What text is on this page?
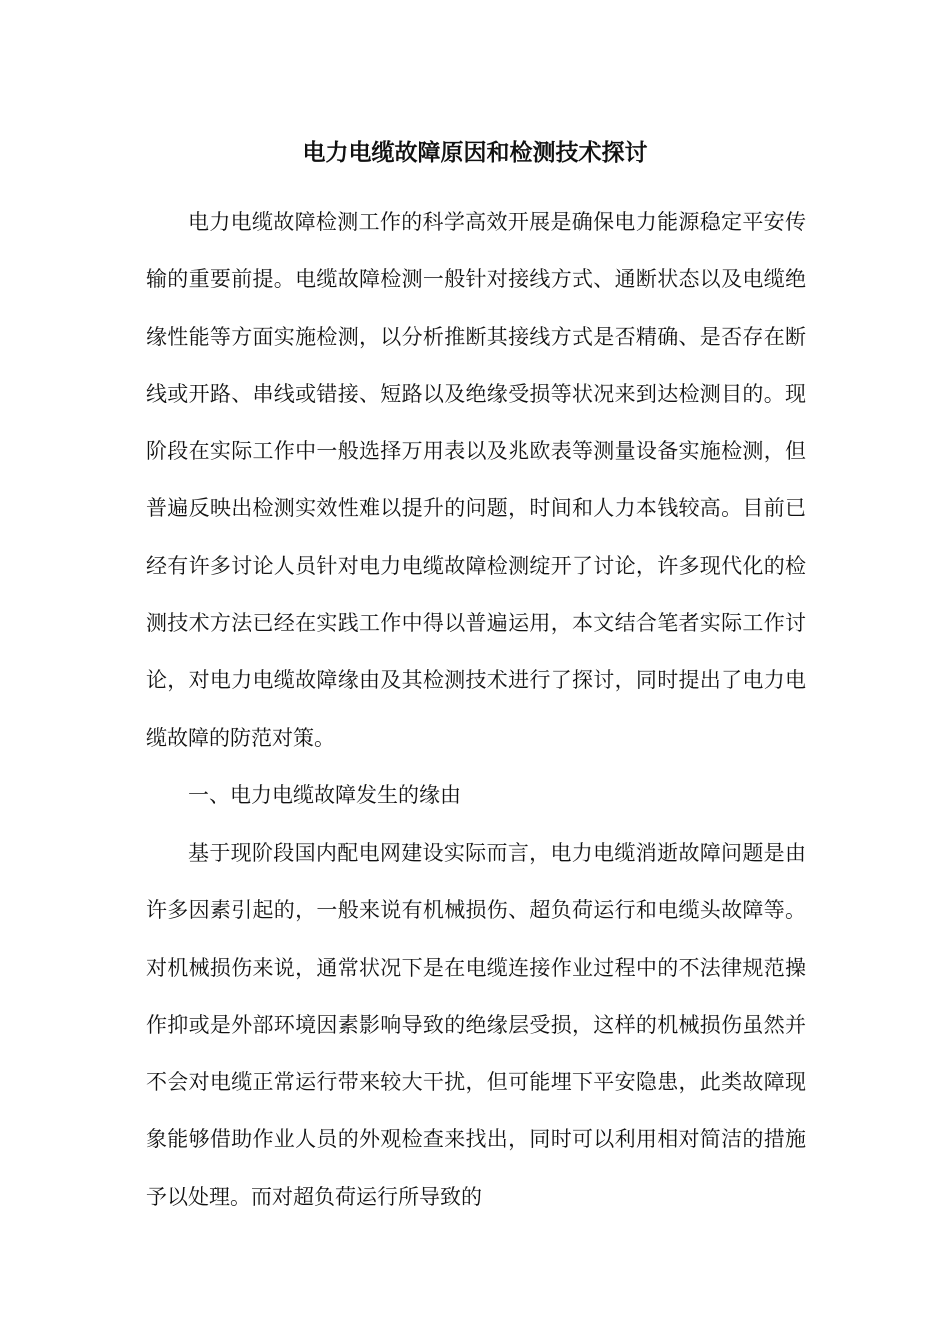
电力电缆故障原因和检测技术探讨

电力电缆故障检测工作的科学高效开展是确保电力能源稳定平安传输的重要前提。电缆故障检测一般针对接线方式、通断状态以及电缆绝缘性能等方面实施检测，以分析推断其接线方式是否精确、是否存在断线或开路、串线或错接、短路以及绝缘受损等状况来到达检测目的。现阶段在实际工作中一般选择万用表以及兆欧表等测量设备实施检测，但普遍反映出检测实效性难以提升的问题，时间和人力本钱较高。目前已经有许多讨论人员针对电力电缆故障检测绽开了讨论，许多现代化的检测技术方法已经在实践工作中得以普遍运用，本文结合笔者实际工作讨论，对电力电缆故障缘由及其检测技术进行了探讨，同时提出了电力电缆故障的防范对策。

一、电力电缆故障发生的缘由

基于现阶段国内配电网建设实际而言，电力电缆消逝故障问题是由许多因素引起的，一般来说有机械损伤、超负荷运行和电缆头故障等。对机械损伤来说，通常状况下是在电缆连接作业过程中的不法律规范操作抑或是外部环境因素影响导致的绝缘层受损，这样的机械损伤虽然并不会对电缆正常运行带来较大干扰，但可能埋下平安隐患，此类故障现象能够借助作业人员的外观检查来找出，同时可以利用相对简洁的措施予以处理。而对超负荷运行所导致的
